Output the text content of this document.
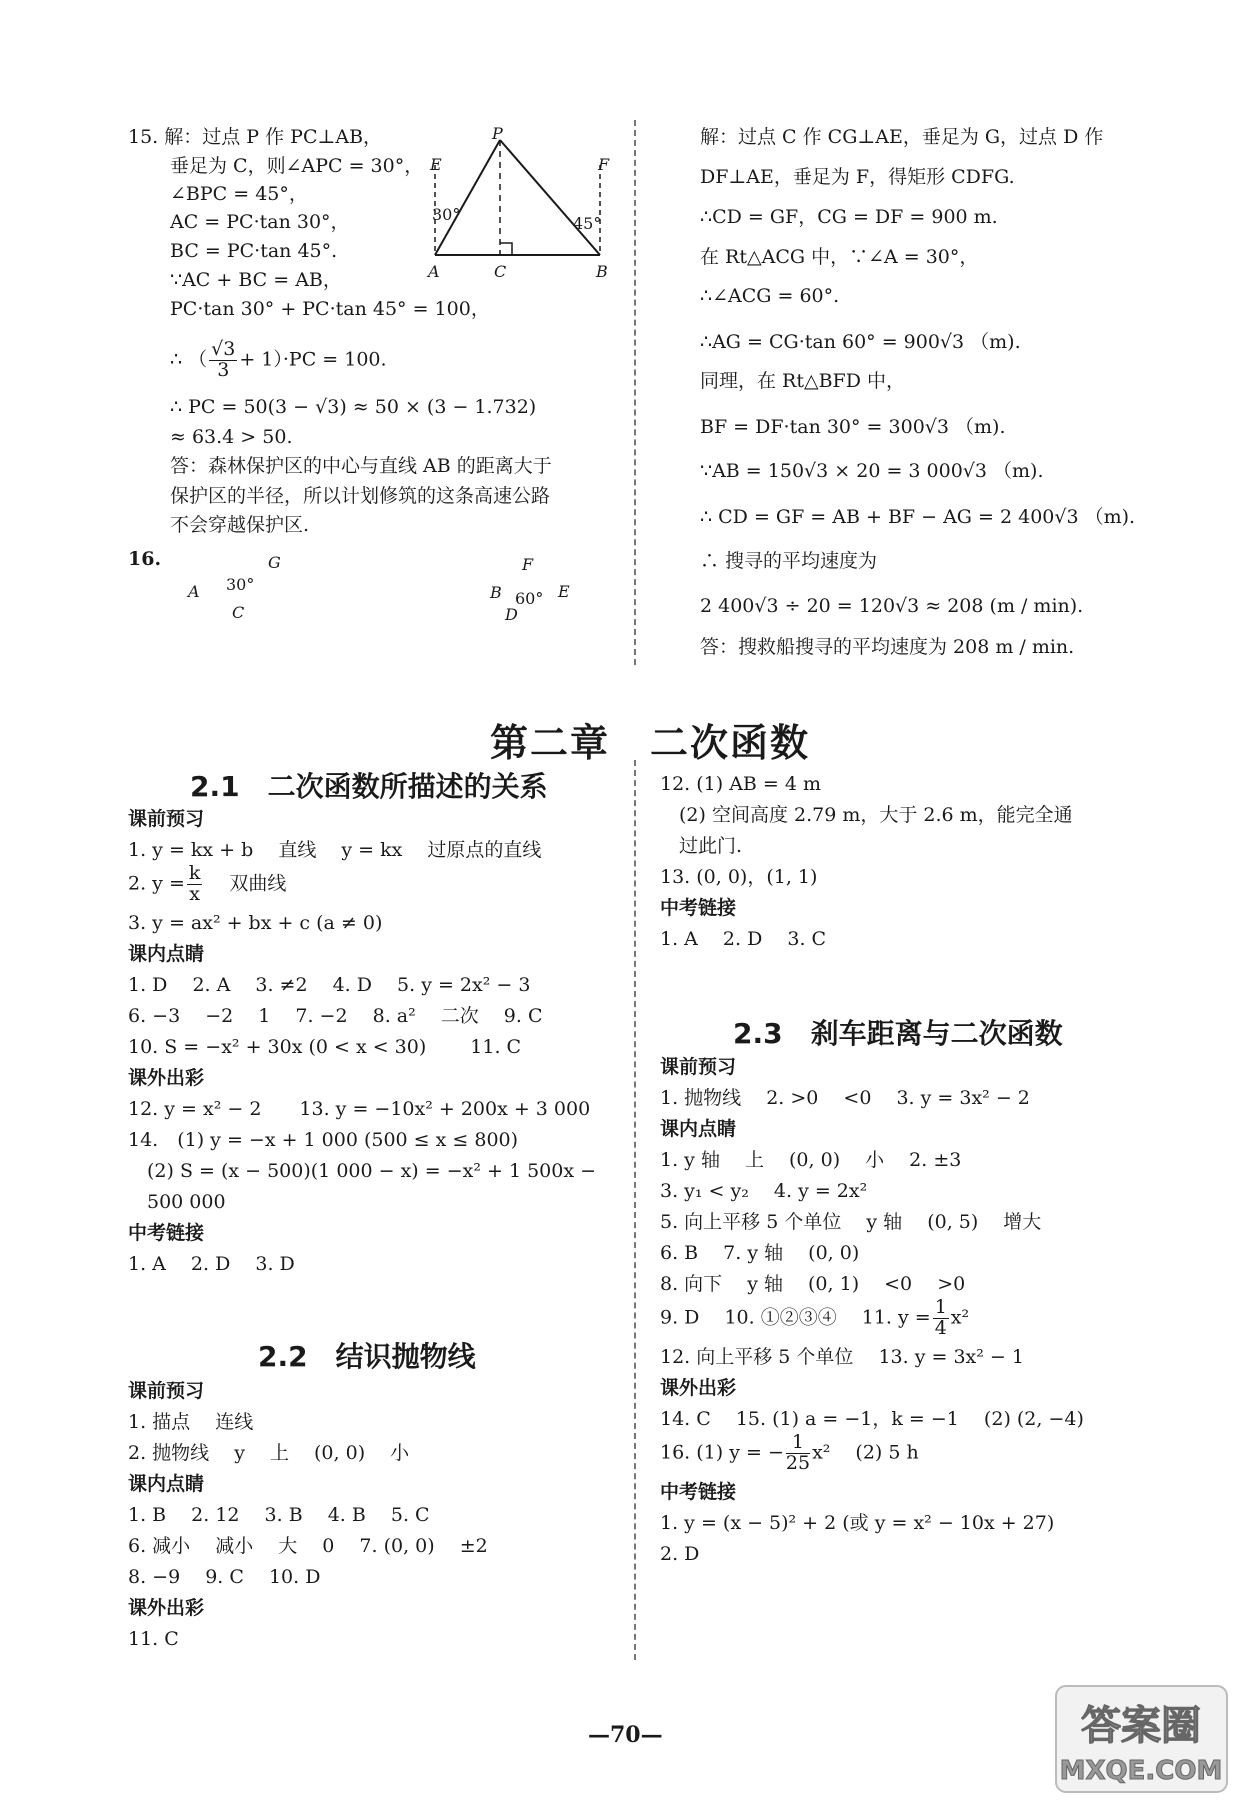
15. 解：过点 P 作 PC⊥AB，
垂足为 C，则∠APC = 30°，
∠BPC = 45°，
AC = PC·tan 30°，
BC = PC·tan 45°.
∵AC + BC = AB，
PC·tan 30° + PC·tan 45° = 100，
∴ PC = 50(3 − √3) ≈ 50 × (3 − 1.732)
≈ 63.4 > 50.
答：森林保护区的中心与直线 AB 的距离大于
保护区的半径，所以计划修筑的这条高速公路
不会穿越保护区.
∴ （ $\frac{√3}{3} + 1)\cdot PC = 100$.
16.
P
E	F
30°	45°
A	C	B
G
A 30°
C
F
B 60° E
D
解：过点 C 作 CG⊥AE，垂足为 G，过点 D 作
DF⊥AE，垂足为 F，得矩形 CDFG.
∴CD = GF，CG = DF = 900 m.
在 Rt△ACG 中，∵∠A = 30°，
∴∠ACG = 60°.
∴AG = CG·tan 60° = 900√3 （m).
同理，在 Rt△BFD 中，
BF = DF·tan 30° = 300√3 （m).
∵AB = 150√3 × 20 = 3 000√3 （m).
∴ CD = GF = AB + BF − AG = 2 400√3 （m).
∴ 搜寻的平均速度为
2 400√3 ÷ 20 = 120√3 ≈ 208 (m / min).
答：搜救船搜寻的平均速度为 208 m / min.
第二章　二次函数
2.1　二次函数所描述的关系
2.2　结识抛物线
2.3　刹车距离与二次函数
课前预习
1. y = kx + b　 直线　 y = kx　 过原点的直线
2. $y = \frac{k}{x}$ 　 双曲线
3. y = ax² + bx + c (a ≠ 0)
课内点睛
1. D　 2. A　 3. ≠2　 4. D　 5. y = 2x² − 3
6. −3　 −2　 1　 7. −2　 8. a²　 二次　 9. C
10. S = −x² + 30x (0 < x < 30)　　 11. C
课外出彩
12. y = x² − 2　　13. y = −10x² + 200x + 3 000
14.　(1) y = −x + 1 000 (500 ≤ x ≤ 800)
　(2) S = (x − 500)(1 000 − x) = −x² + 1 500x −
　500 000
中考链接
1. A　 2. D　 3. D
课前预习
1. 描点　 连线
2. 抛物线　 y　 上　 (0, 0)　 小
课内点睛
1. B　 2. 12　 3. B　 4. B　 5. C
6. 减小　 减小　 大　 0　 7. (0, 0)　 ±2
8. −9　 9. C　 10. D
课外出彩
11. C
12. (1) AB = 4 m
　(2) 空间高度 2.79 m，大于 2.6 m，能完全通
　过此门.
13. (0, 0)，(1, 1)
中考链接
1. A　 2. D　 3. C
课前预习
1. 抛物线　 2. >0　 <0　 3. y = 3x² − 2
课内点睛
1. y 轴　 上　 (0, 0)　 小　 2. ±3
3. y₁ < y₂　 4. y = 2x²
5. 向上平移 5 个单位　 y 轴　 (0, 5)　 增大
6. B　 7. y 轴　 (0, 0)
8. 向下　 y 轴　 (0, 1)　 <0　 >0
9. D　 10. ①②③④　 11. $y = \frac{1}{4} x^2$
12. 向上平移 5 个单位　 13. y = 3x² − 1
课外出彩
14. C　 15. (1) a = −1，k = −1　 (2) (2, −4)
16. (1) y = − $\frac{1}{25} x^2$　 (2) 5 h
中考链接
1. y = (x − 5)² + 2 (或 y = x² − 10x + 27)
2. D
—70—	答案圈
MXQE.COM
